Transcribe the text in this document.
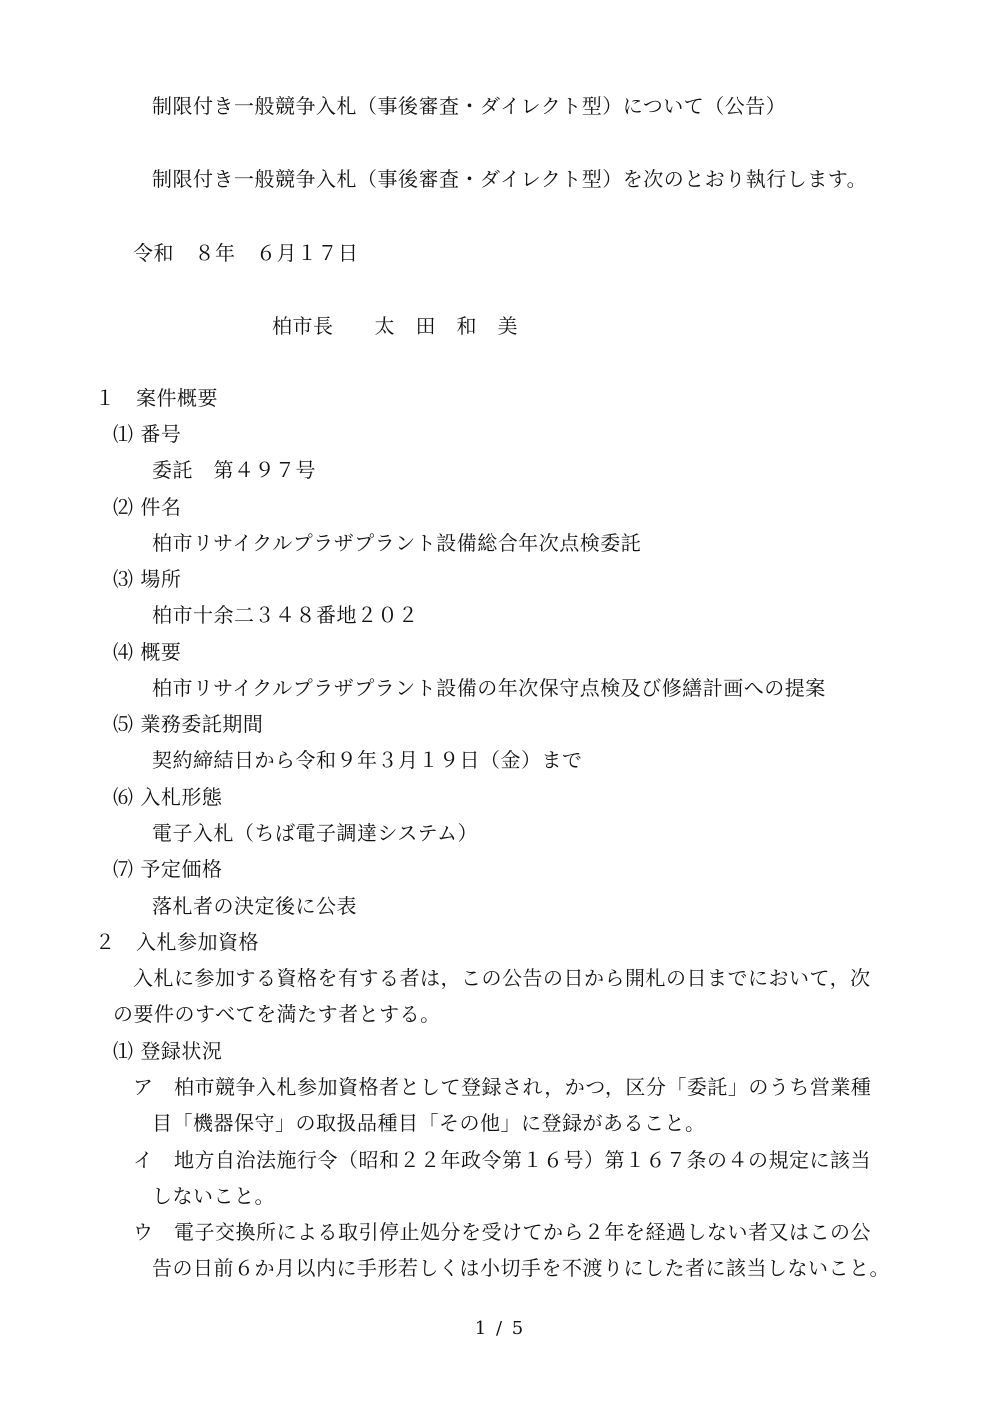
制限付き一般競争入札（事後審査・ダイレクト型）について（公告）
制限付き一般競争入札（事後審査・ダイレクト型）を次のとおり執行します。
令和　８年　６月１７日
柏市長　　太　田　和　美
１　案件概要
⑴ 番号
委託　第４９７号
⑵ 件名
柏市リサイクルプラザプラント設備総合年次点検委託
⑶ 場所
柏市十余二３４８番地２０２
⑷ 概要
柏市リサイクルプラザプラント設備の年次保守点検及び修繕計画への提案
⑸ 業務委託期間
契約締結日から令和９年３月１９日（金）まで
⑹ 入札形態
電子入札（ちば電子調達システム）
⑺ 予定価格
落札者の決定後に公表
２　入札参加資格
入札に参加する資格を有する者は，この公告の日から開札の日までにおいて，次
の要件のすべてを満たす者とする。
⑴ 登録状況
ア　柏市競争入札参加資格者として登録され，かつ，区分「委託」のうち営業種
目「機器保守」の取扱品種目「その他」に登録があること。
イ　地方自治法施行令（昭和２２年政令第１６号）第１６７条の４の規定に該当
しないこと。
ウ　電子交換所による取引停止処分を受けてから２年を経過しない者又はこの公
告の日前６か月以内に手形若しくは小切手を不渡りにした者に該当しないこと。
1 / 5
